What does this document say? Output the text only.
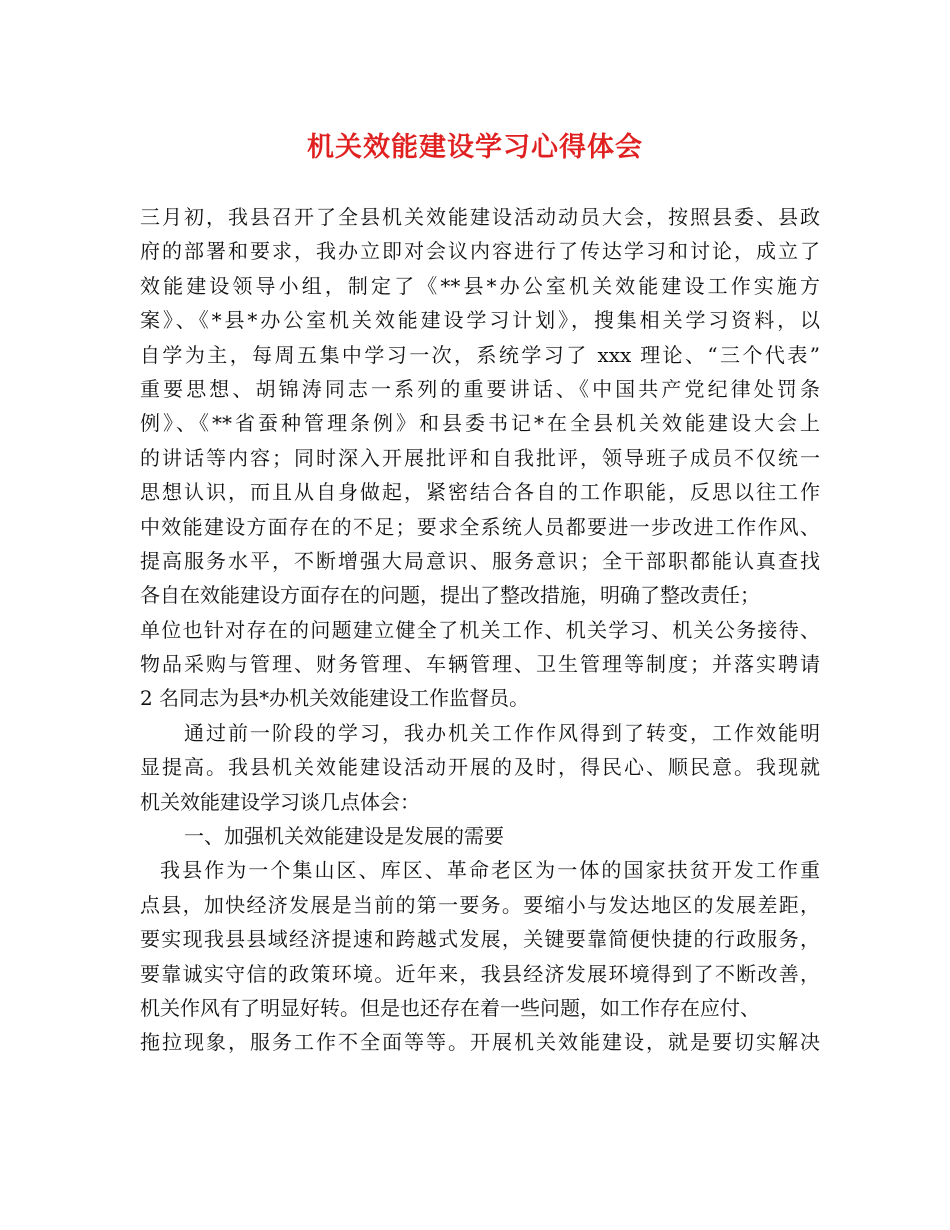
机关效能建设学习心得体会
三月初，我县召开了全县机关效能建设活动动员大会，按照县委、县政
府的部署和要求，我办立即对会议内容进行了传达学习和讨论，成立了
效能建设领导小组，制定了《**县*办公室机关效能建设工作实施方
案》、《*县*办公室机关效能建设学习计划》，搜集相关学习资料，以
自学为主，每周五集中学习一次，系统学习了 xxx 理论、“三个代表”
重要思想、胡锦涛同志一系列的重要讲话、《中国共产党纪律处罚条
例》、《**省蚕种管理条例》和县委书记*在全县机关效能建设大会上
的讲话等内容；同时深入开展批评和自我批评，领导班子成员不仅统一
思想认识，而且从自身做起，紧密结合各自的工作职能，反思以往工作
中效能建设方面存在的不足；要求全系统人员都要进一步改进工作作风、
提高服务水平，不断增强大局意识、服务意识；全干部职都能认真查找
各自在效能建设方面存在的问题，提出了整改措施，明确了整改责任；
单位也针对存在的问题建立健全了机关工作、机关学习、机关公务接待、
物品采购与管理、财务管理、车辆管理、卫生管理等制度；并落实聘请
2 名同志为县*办机关效能建设工作监督员。
通过前一阶段的学习，我办机关工作作风得到了转变，工作效能明
显提高。我县机关效能建设活动开展的及时，得民心、顺民意。我现就
机关效能建设学习谈几点体会：
一、加强机关效能建设是发展的需要
我县作为一个集山区、库区、革命老区为一体的国家扶贫开发工作重
点县，加快经济发展是当前的第一要务。要缩小与发达地区的发展差距，
要实现我县县域经济提速和跨越式发展，关键要靠简便快捷的行政服务，
要靠诚实守信的政策环境。近年来，我县经济发展环境得到了不断改善，
机关作风有了明显好转。但是也还存在着一些问题，如工作存在应付、
拖拉现象，服务工作不全面等等。开展机关效能建设，就是要切实解决
